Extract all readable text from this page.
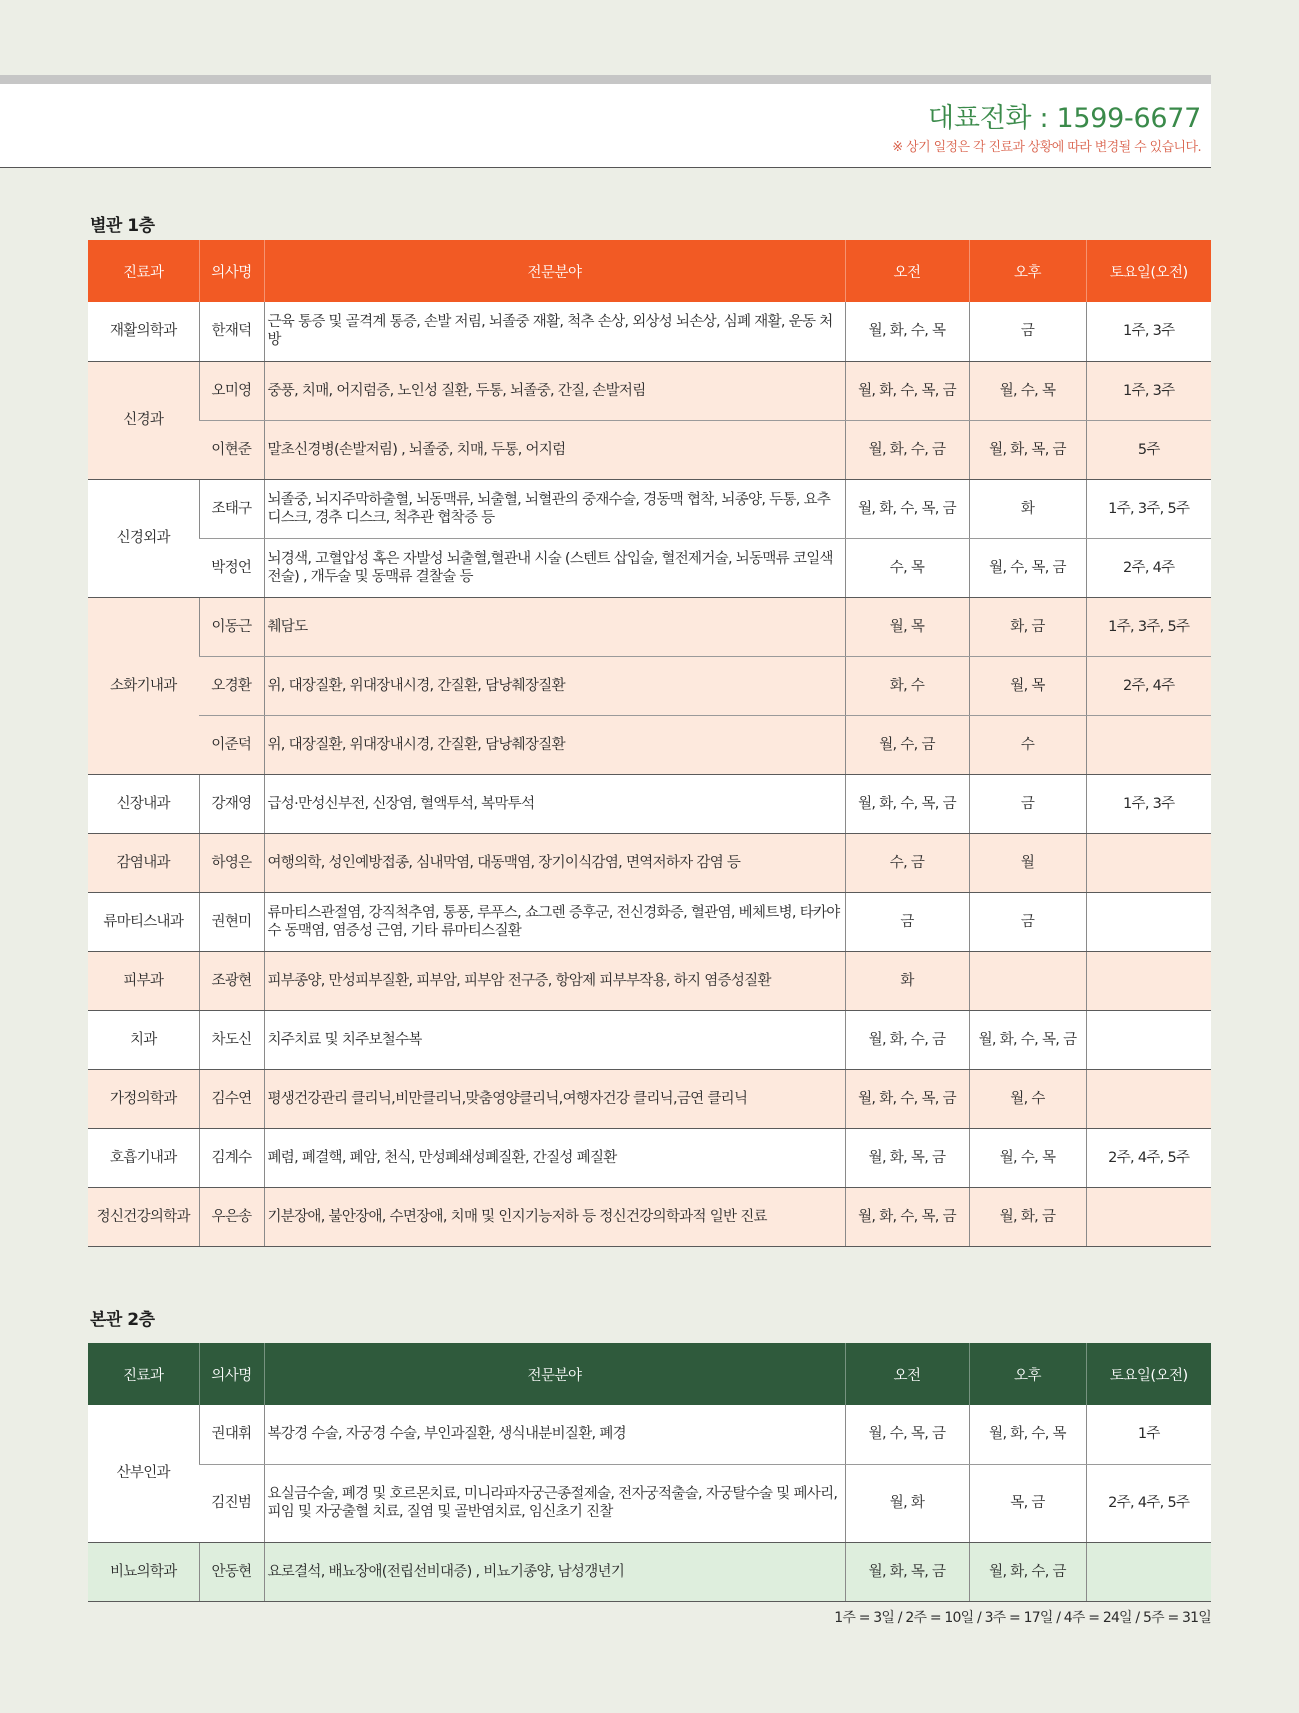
대표전화 : 1599-6677
※ 상기 일정은 각 진료과 상황에 따라 변경될 수 있습니다.
별관 1층
진료과	의사명	전문분야	오전	오후	토요일(오전)
재활의학과	한재덕	근육 통증 및 골격계 통증, 손발 저림, 뇌졸중 재활, 척추 손상, 외상성 뇌손상, 심폐 재활, 운동 처방	월, 화, 수, 목	금	1주, 3주
신경과	오미영	중풍, 치매, 어지럼증, 노인성 질환, 두통, 뇌졸중, 간질, 손발저림	월, 화, 수, 목, 금	월, 수, 목	1주, 3주
	이현준	말초신경병(손발저림) , 뇌졸중, 치매, 두통, 어지럼	월, 화, 수, 금	월, 화, 목, 금	5주
신경외과	조태구	뇌졸중, 뇌지주막하출혈, 뇌동맥류, 뇌출혈, 뇌혈관의 중재수술, 경동맥 협착, 뇌종양, 두통, 요추디스크, 경추 디스크, 척추관 협착증 등	월, 화, 수, 목, 금	화	1주, 3주, 5주
	박정언	뇌경색, 고혈압성 혹은 자발성 뇌출혈,혈관내 시술 (스텐트 삽입술, 혈전제거술, 뇌동맥류 코일색전술) , 개두술 및 동맥류 결찰술 등	수, 목	월, 수, 목, 금	2주, 4주
소화기내과	이동근	췌담도	월, 목	화, 금	1주, 3주, 5주
	오경환	위, 대장질환, 위대장내시경, 간질환, 담낭췌장질환	화, 수	월, 목	2주, 4주
	이준덕	위, 대장질환, 위대장내시경, 간질환, 담낭췌장질환	월, 수, 금	수	
신장내과	강재영	급성·만성신부전, 신장염, 혈액투석, 복막투석	월, 화, 수, 목, 금	금	1주, 3주
감염내과	하영은	여행의학, 성인예방접종, 심내막염, 대동맥염, 장기이식감염, 면역저하자 감염 등	수, 금	월	
류마티스내과	권현미	류마티스관절염, 강직척추염, 통풍, 루푸스, 쇼그렌 증후군, 전신경화증, 혈관염, 베체트병, 타카야수 동맥염, 염증성 근염, 기타 류마티스질환	금	금	
피부과	조광현	피부종양, 만성피부질환, 피부암, 피부암 전구증, 항암제 피부부작용, 하지 염증성질환	화		
치과	차도신	치주치료 및 치주보철수복	월, 화, 수, 금	월, 화, 수, 목, 금	
가정의학과	김수연	평생건강관리 클리닉,비만클리닉,맞춤영양클리닉,여행자건강 클리닉,금연 클리닉	월, 화, 수, 목, 금	월, 수	
호흡기내과	김계수	폐렴, 폐결핵, 폐암, 천식, 만성폐쇄성폐질환, 간질성 폐질환	월, 화, 목, 금	월, 수, 목	2주, 4주, 5주
정신건강의학과	우은송	기분장애, 불안장애, 수면장애, 치매 및 인지기능저하 등 정신건강의학과적 일반 진료	월, 화, 수, 목, 금	월, 화, 금	
본관 2층
진료과	의사명	전문분야	오전	오후	토요일(오전)
산부인과	권대휘	복강경 수술, 자궁경 수술, 부인과질환, 생식내분비질환, 폐경	월, 수, 목, 금	월, 화, 수, 목	1주
	김진범	요실금수술, 폐경 및 호르몬치료, 미니라파자궁근종절제술, 전자궁적출술, 자궁탈수술 및 페사리, 피임 및 자궁출혈 치료, 질염 및 골반염치료, 임신초기 진찰	월, 화	목, 금	2주, 4주, 5주
비뇨의학과	안동현	요로결석, 배뇨장애(전립선비대증) , 비뇨기종양, 남성갱년기	월, 화, 목, 금	월, 화, 수, 금	
1주 = 3일 / 2주 = 10일 / 3주 = 17일 / 4주 = 24일 / 5주 = 31일
